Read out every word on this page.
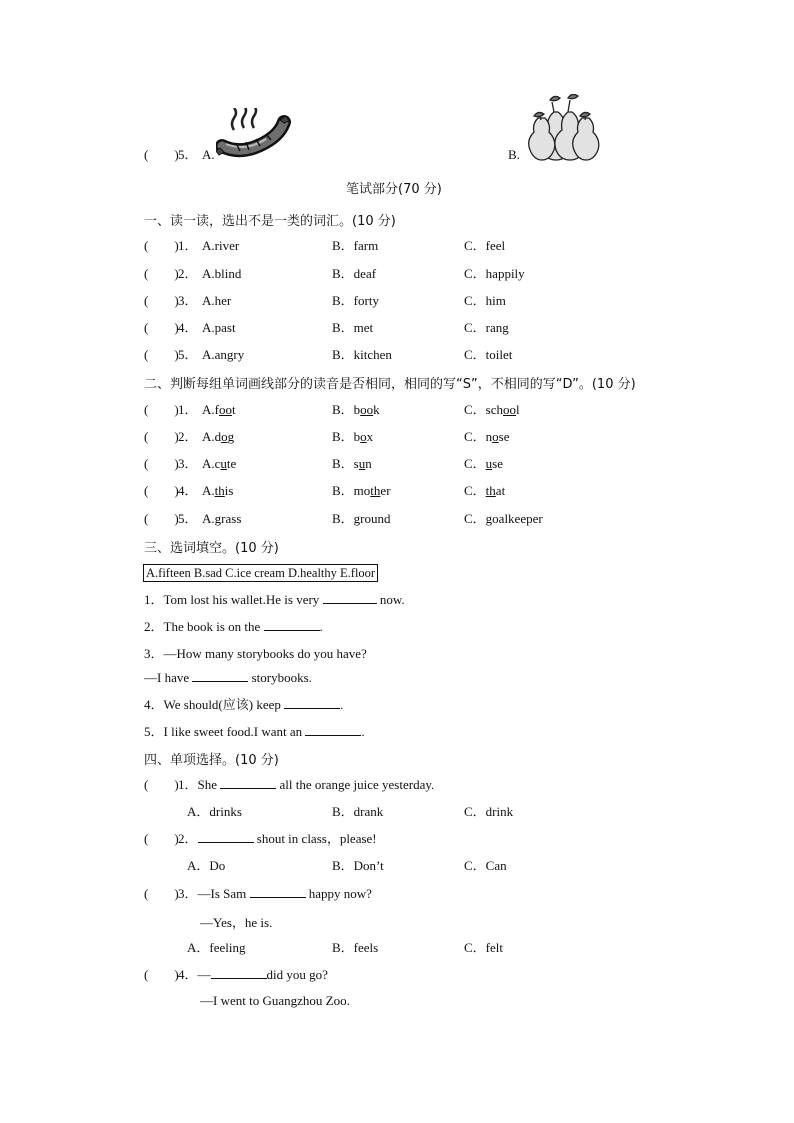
(　　) 5． A.	B.
笔试部分(70 分)
一、读一读，选出不是一类的词汇。(10 分)
(　　) 1． A.river	B．farm	C．feel
(　　) 2． A.blind	B．deaf	C．happily
(　　) 3． A.her	B．forty	C．him
(　　) 4． A.past	B．met	C．rang
(　　) 5． A.angry	B．kitchen	C．toilet
二、判断每组单词画线部分的读音是否相同，相同的写“S”，不相同的写“D”。(10 分)
(　　) 1． A.foot	B．book	C．school
(　　) 2． A.dog	B．box	C．nose
(　　) 3． A.cute	B．sun	C．use
(　　) 4． A.this	B．mother	C．that
(　　) 5． A.grass	B．ground	C．goalkeeper
三、选词填空。(10 分)
A.fifteen B.sad C.ice cream D.healthy E.floor
1．Tom lost his wallet.He is very	now.
2．The book is on the	.
3．—How many storybooks do you have?
—I have	storybooks.
4．We should(应该) keep	.
5．I like sweet food.I want an	.
四、单项选择。(10 分)
(　　) 1．She	all the orange juice yesterday.
A．drinks	B．drank	C．drink
(　　) 2．	shout in class，please!
A．Do	B．Don’t	C．Can
(　　) 3．—Is Sam	happy now?
—Yes，he is.
A．feeling	B．feels	C．felt
(　　) 4．—	did you go?
—I went to Guangzhou Zoo.
